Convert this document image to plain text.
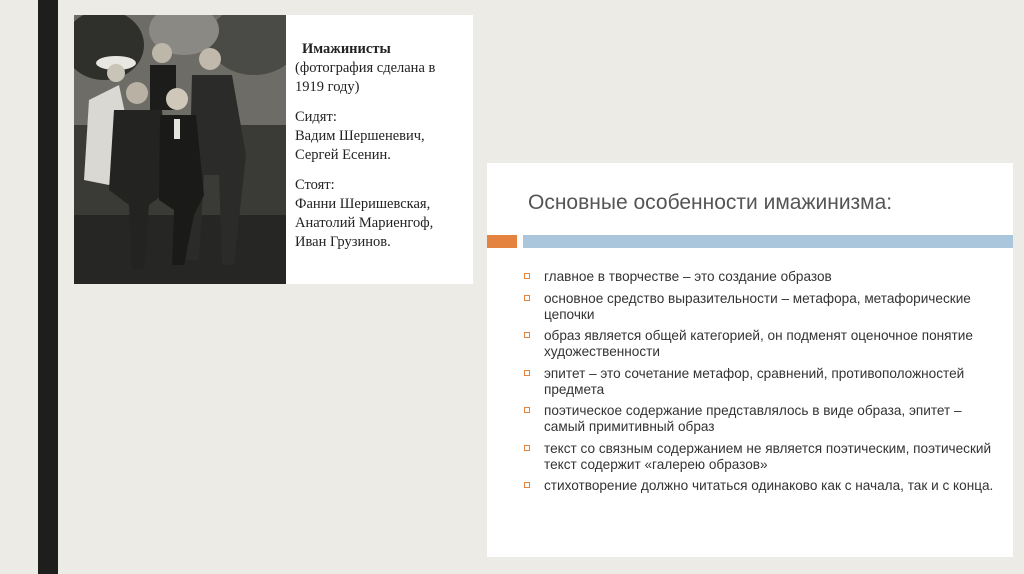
Имажинисты

(фотография сделана в

1919 году)

Сидят:

Вадим Шершеневич,

Сергей Есенин.

Стоят:

Фанни Шеришевская,

Анатолий Мариенгоф,

Иван Грузинов.

Основные особенности имажинизма:
главное в творчестве – это создание образов
основное средство выразительности – метафора, метафорические цепочки
образ является общей категорией, он подменят оценочное понятие художественности
эпитет – это сочетание метафор, сравнений, противоположностей предмета
поэтическое содержание представлялось в виде образа, эпитет – самый примитивный образ
текст со связным содержанием не является поэтическим, поэтический текст содержит «галерею образов»
стихотворение должно читаться одинаково как с начала, так и с конца.
